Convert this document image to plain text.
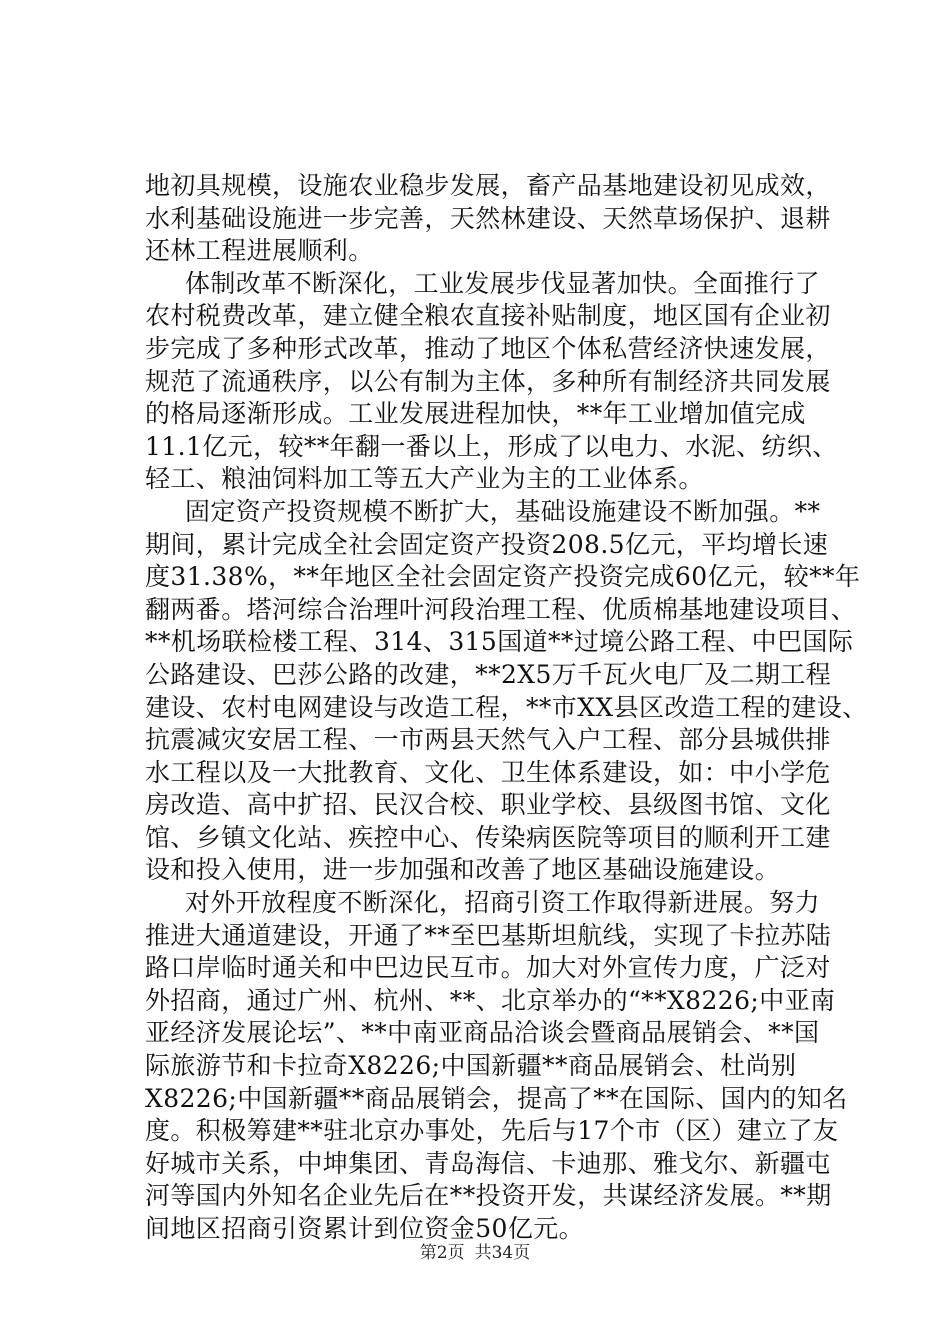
地初具规模，设施农业稳步发展，畜产品基地建设初见成效，
水利基础设施进一步完善，天然林建设、天然草场保护、退耕
还林工程进展顺利。
体制改革不断深化，工业发展步伐显著加快。全面推行了
农村税费改革，建立健全粮农直接补贴制度，地区国有企业初
步完成了多种形式改革，推动了地区个体私营经济快速发展，
规范了流通秩序，以公有制为主体，多种所有制经济共同发展
的格局逐渐形成。工业发展进程加快，**年工业增加值完成
11.1亿元，较**年翻一番以上，形成了以电力、水泥、纺织、
轻工、粮油饲料加工等五大产业为主的工业体系。
固定资产投资规模不断扩大，基础设施建设不断加强。**
期间，累计完成全社会固定资产投资208.5亿元，平均增长速
度31.38%，**年地区全社会固定资产投资完成60亿元，较**年
翻两番。塔河综合治理叶河段治理工程、优质棉基地建设项目、
**机场联检楼工程、314、315国道**过境公路工程、中巴国际
公路建设、巴莎公路的改建，**2X5万千瓦火电厂及二期工程
建设、农村电网建设与改造工程，**市XX县区改造工程的建设、
抗震减灾安居工程、一市两县天然气入户工程、部分县城供排
水工程以及一大批教育、文化、卫生体系建设，如：中小学危
房改造、高中扩招、民汉合校、职业学校、县级图书馆、文化
馆、乡镇文化站、疾控中心、传染病医院等项目的顺利开工建
设和投入使用，进一步加强和改善了地区基础设施建设。
对外开放程度不断深化，招商引资工作取得新进展。努力
推进大通道建设，开通了**至巴基斯坦航线，实现了卡拉苏陆
路口岸临时通关和中巴边民互市。加大对外宣传力度，广泛对
外招商，通过广州、杭州、**、北京举办的“**X8226;中亚南
亚经济发展论坛”、**中南亚商品洽谈会暨商品展销会、**国
际旅游节和卡拉奇X8226;中国新疆**商品展销会、杜尚别
X8226;中国新疆**商品展销会，提高了**在国际、国内的知名
度。积极筹建**驻北京办事处，先后与17个市（区）建立了友
好城市关系，中坤集团、青岛海信、卡迪那、雅戈尔、新疆屯
河等国内外知名企业先后在**投资开发，共谋经济发展。**期
间地区招商引资累计到位资金50亿元。
第2页 共34页
